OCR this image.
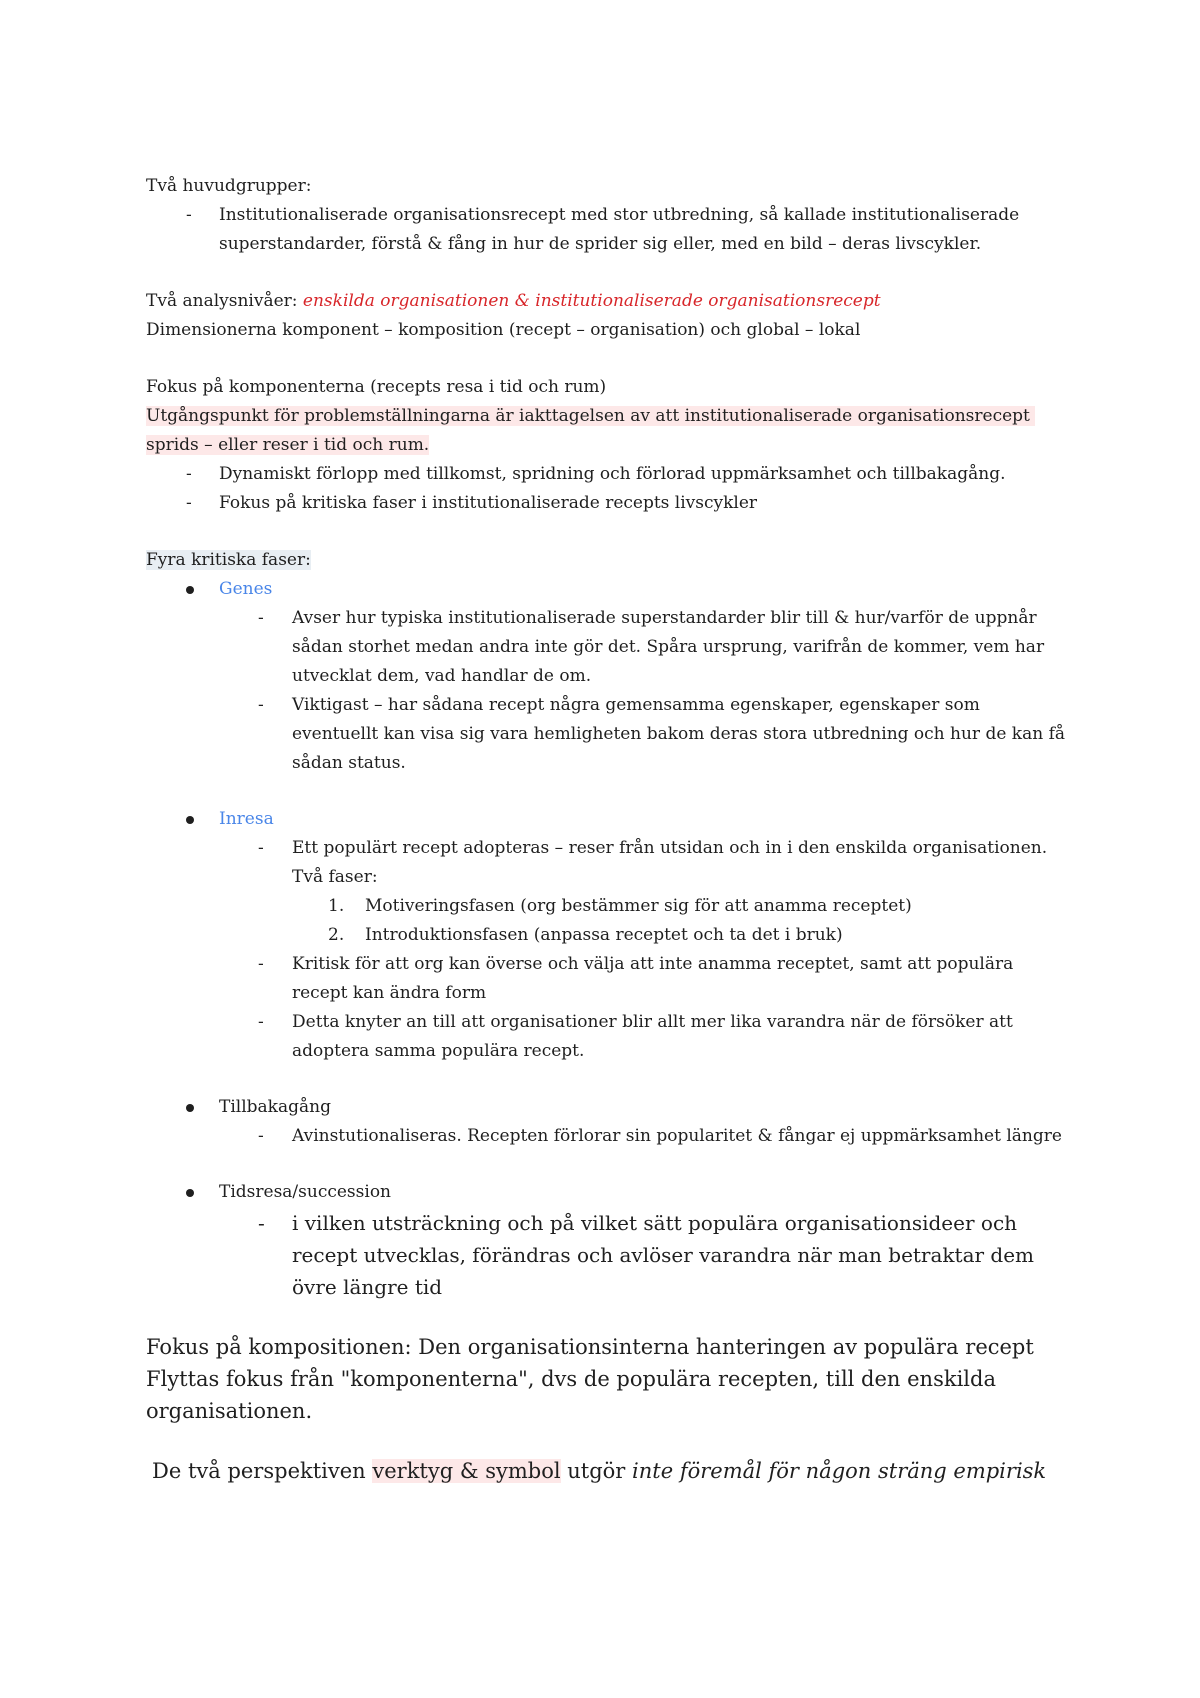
Två huvudgrupper:

- Institutionaliserade organisationsrecept med stor utbredning, så kallade institutionaliserade superstandarder, förstå & fång in hur de sprider sig eller, med en bild – deras livscykler.

Två analysnivåer: enskilda organisationen & institutionaliserade organisationsrecept

Dimensionerna komponent – komposition (recept – organisation) och global – lokal

Fokus på komponenterna (recepts resa i tid och rum)

Utgångspunkt för problemställningarna är iakttagelsen av att institutionaliserade organisationsrecept sprids – eller reser i tid och rum.

- Dynamiskt förlopp med tillkomst, spridning och förlorad uppmärksamhet och tillbakagång.
- Fokus på kritiska faser i institutionaliserade recepts livscykler

Fyra kritiska faser:

Genes
- Avser hur typiska institutionaliserade superstandarder blir till & hur/varför de uppnår sådan storhet medan andra inte gör det. Spåra ursprung, varifrån de kommer, vem har utvecklat dem, vad handlar de om.
- Viktigast – har sådana recept några gemensamma egenskaper, egenskaper som eventuellt kan visa sig vara hemligheten bakom deras stora utbredning och hur de kan få sådan status.
Inresa
- Ett populärt recept adopteras – reser från utsidan och in i den enskilda organisationen. Två faser:
1. Motiveringsfasen (org bestämmer sig för att anamma receptet)
2. Introduktionsfasen (anpassa receptet och ta det i bruk)
- Kritisk för att org kan överse och välja att inte anamma receptet, samt att populära recept kan ändra form
- Detta knyter an till att organisationer blir allt mer lika varandra när de försöker att adoptera samma populära recept.
Tillbakagång
- Avinstutionaliseras. Recepten förlorar sin popularitet & fångar ej uppmärksamhet längre
Tidsresa/succession
- i vilken utsträckning och på vilket sätt populära organisationsideer och recept utvecklas, förändras och avlöser varandra när man betraktar dem övre längre tid

Fokus på kompositionen: Den organisationsinterna hanteringen av populära recept

Flyttas fokus från "komponenterna", dvs de populära recepten, till den enskilda organisationen.

De två perspektiven verktyg & symbol utgör inte föremål för någon sträng empirisk
